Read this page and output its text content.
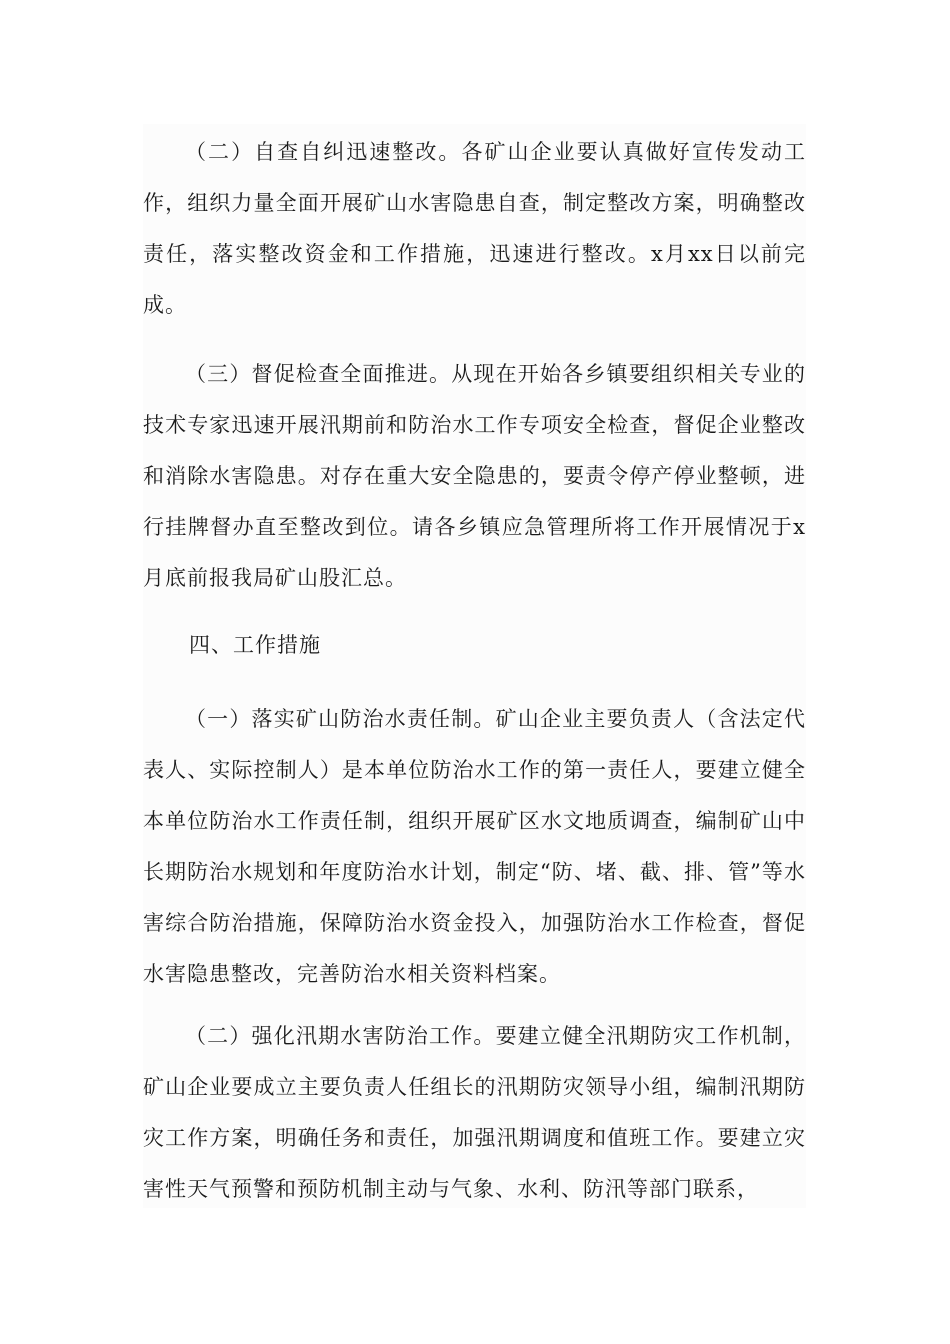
（二）自查自纠迅速整改。各矿山企业要认真做好宣传发动工作，组织力量全面开展矿山水害隐患自查，制定整改方案，明确整改责任，落实整改资金和工作措施，迅速进行整改。x月xx日以前完成。

（三）督促检查全面推进。从现在开始各乡镇要组织相关专业的技术专家迅速开展汛期前和防治水工作专项安全检查，督促企业整改和消除水害隐患。对存在重大安全隐患的，要责令停产停业整顿，进行挂牌督办直至整改到位。请各乡镇应急管理所将工作开展情况于x月底前报我局矿山股汇总。

四、工作措施

（一）落实矿山防治水责任制。矿山企业主要负责人（含法定代表人、实际控制人）是本单位防治水工作的第一责任人，要建立健全本单位防治水工作责任制，组织开展矿区水文地质调查，编制矿山中长期防治水规划和年度防治水计划，制定“防、堵、截、排、管”等水害综合防治措施，保障防治水资金投入，加强防治水工作检查，督促水害隐患整改，完善防治水相关资料档案。

（二）强化汛期水害防治工作。要建立健全汛期防灾工作机制，矿山企业要成立主要负责人任组长的汛期防灾领导小组，编制汛期防灾工作方案，明确任务和责任，加强汛期调度和值班工作。要建立灾害性天气预警和预防机制主动与气象、水利、防汛等部门联系，
